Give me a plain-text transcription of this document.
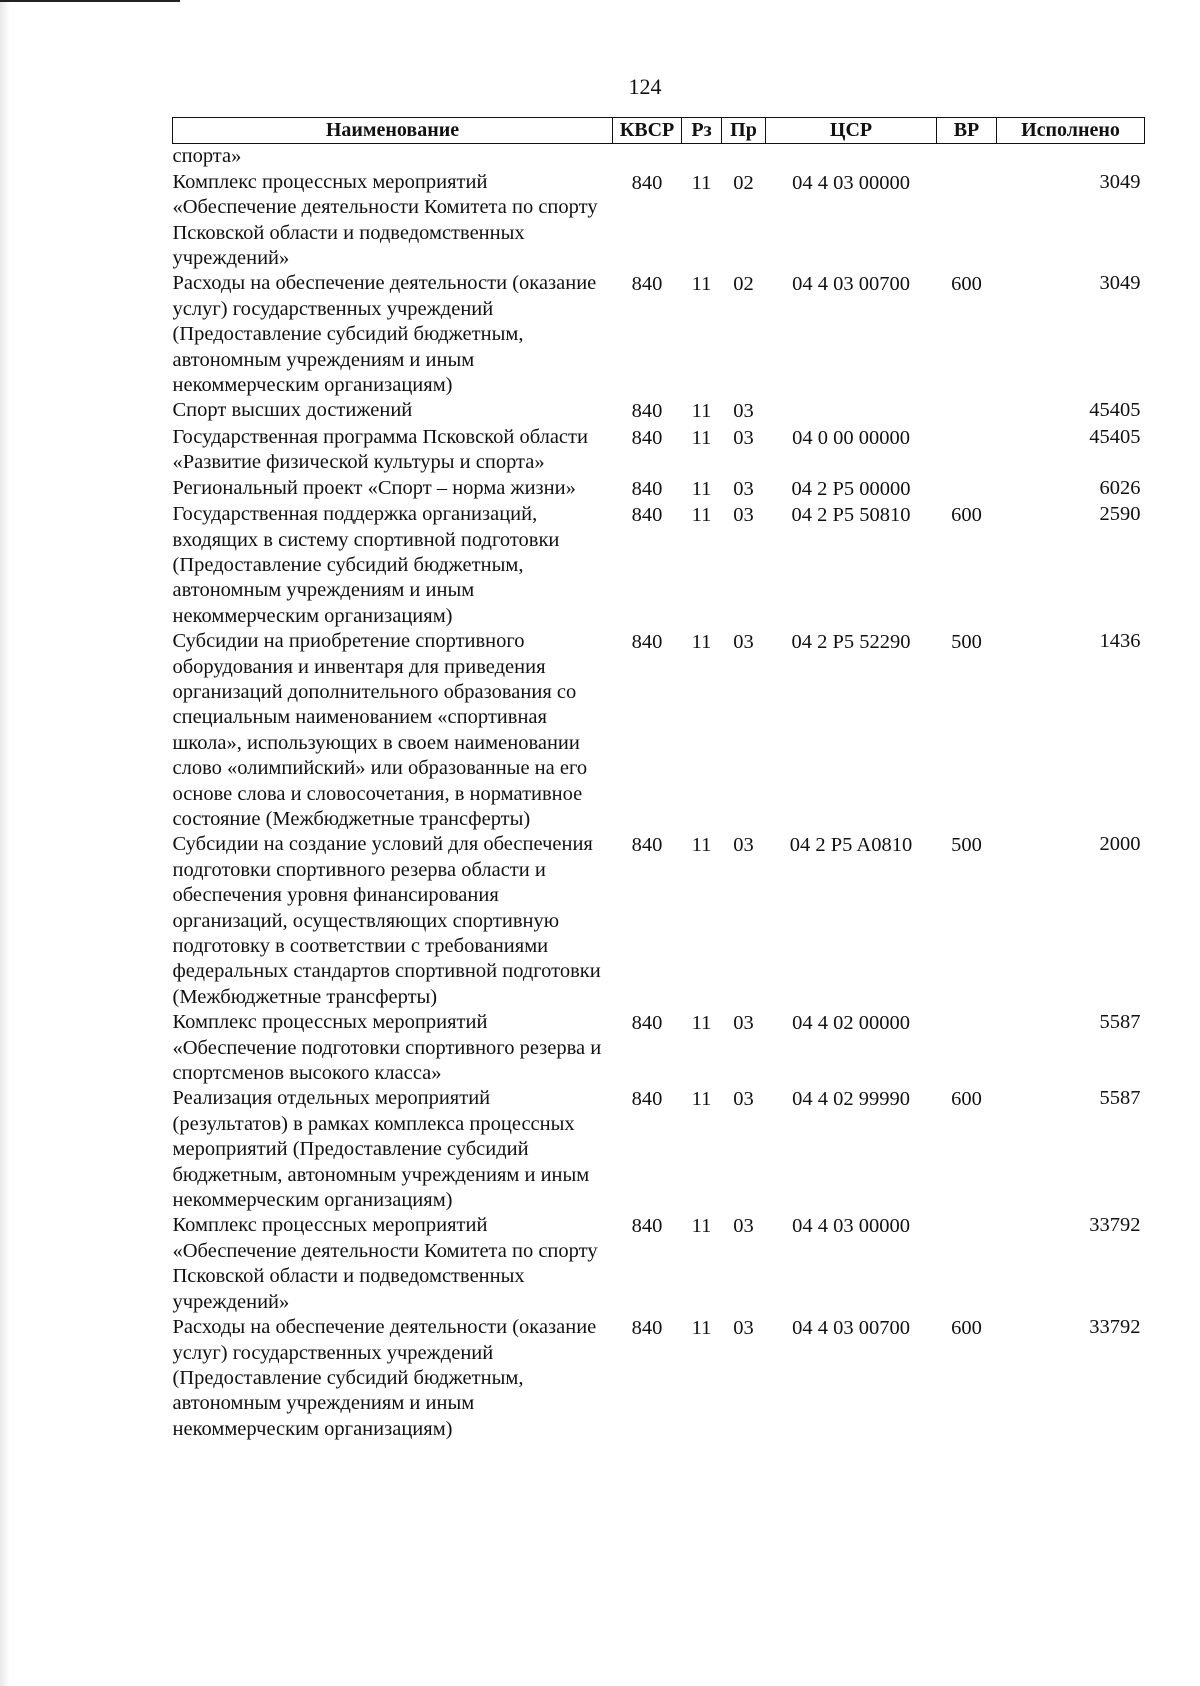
124
Наименование	КВСР	Рз	Пр	ЦСР	ВР	Исполнено
спорта»						
Комплекс процессных мероприятий «Обеспечение деятельности Комитета по спорту Псковской области и подведомственных учреждений»	840	11	02	04 4 03 00000		3049
Расходы на обеспечение деятельности (оказание услуг) государственных учреждений (Предоставление субсидий бюджетным, автономным учреждениям и иным некоммерческим организациям)	840	11	02	04 4 03 00700	600	3049
Спорт высших достижений	840	11	03			45405
Государственная программа Псковской области «Развитие физической культуры и спорта»	840	11	03	04 0 00 00000		45405
Региональный проект «Спорт – норма жизни»	840	11	03	04 2 P5 00000		6026
Государственная поддержка организаций, входящих в систему спортивной подготовки (Предоставление субсидий бюджетным, автономным учреждениям и иным некоммерческим организациям)	840	11	03	04 2 P5 50810	600	2590
Субсидии на приобретение спортивного оборудования и инвентаря для приведения организаций дополнительного образования со специальным наименованием «спортивная школа», использующих в своем наименовании слово «олимпийский» или образованные на его основе слова и словосочетания, в нормативное состояние (Межбюджетные трансферты)	840	11	03	04 2 P5 52290	500	1436
Субсидии на создание условий для обеспечения подготовки спортивного резерва области и обеспечения уровня финансирования организаций, осуществляющих спортивную подготовку в соответствии с требованиями федеральных стандартов спортивной подготовки (Межбюджетные трансферты)	840	11	03	04 2 P5 A0810	500	2000
Комплекс процессных мероприятий «Обеспечение подготовки спортивного резерва и спортсменов высокого класса»	840	11	03	04 4 02 00000		5587
Реализация отдельных мероприятий (результатов) в рамках комплекса процессных мероприятий (Предоставление субсидий бюджетным, автономным учреждениям и иным некоммерческим организациям)	840	11	03	04 4 02 99990	600	5587
Комплекс процессных мероприятий «Обеспечение деятельности Комитета по спорту Псковской области и подведомственных учреждений»	840	11	03	04 4 03 00000		33792
Расходы на обеспечение деятельности (оказание услуг) государственных учреждений (Предоставление субсидий бюджетным, автономным учреждениям и иным некоммерческим организациям)	840	11	03	04 4 03 00700	600	33792
